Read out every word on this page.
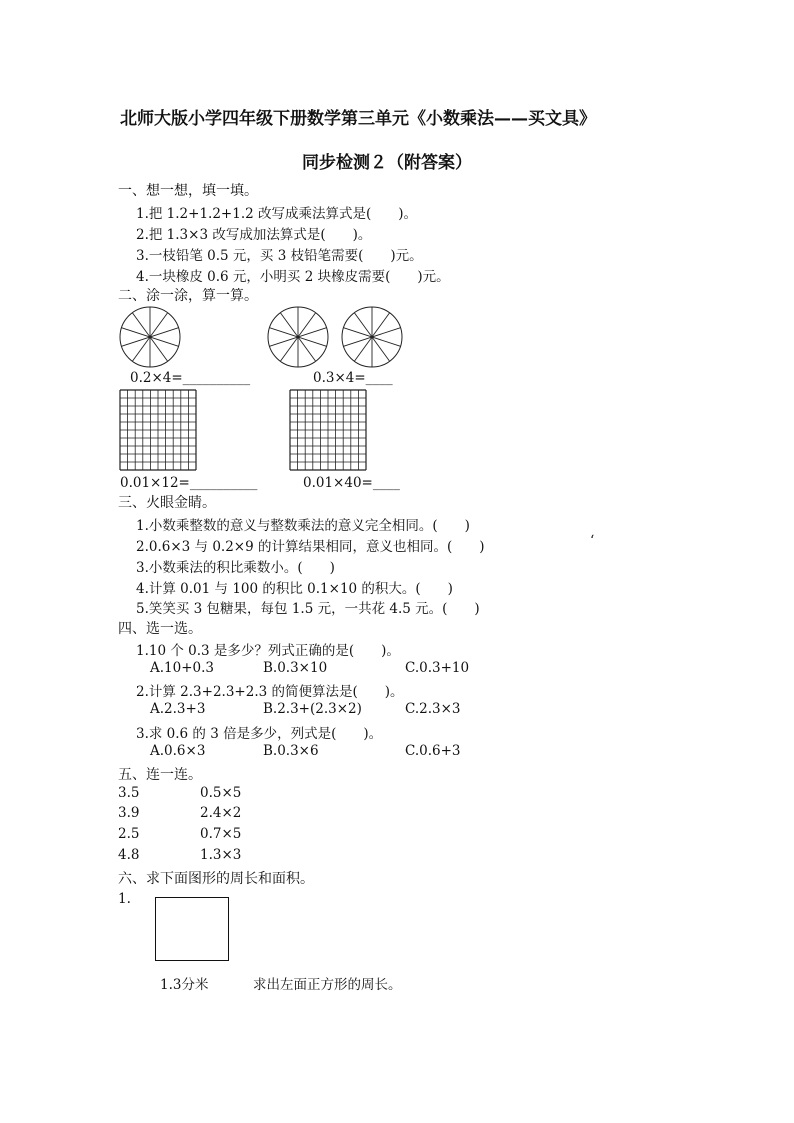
北师大版小学四年级下册数学第三单元《小数乘法——买文具》
同步检测２（附答案）
一、想一想，填一填。
1.把 1.2+1.2+1.2 改写成乘法算式是(　　)。
2.把 1.3×3 改写成加法算式是(　　)。
3.一枝铅笔 0.5 元，买 3 枝铅笔需要(　　)元。
4.一块橡皮 0.6 元，小明买 2 块橡皮需要(　　)元。
二、涂一涂，算一算。
0.2×4=__________	0.3×4=____
0.01×12=__________	0.01×40=____
三、火眼金睛。
1.小数乘整数的意义与整数乘法的意义完全相同。(　　)
2.0.6×3 与 0.2×9 的计算结果相同，意义也相同。(　　)	‘
3.小数乘法的积比乘数小。(　　)
4.计算 0.01 与 100 的积比 0.1×10 的积大。(　　)
5.笑笑买 3 包糖果，每包 1.5 元，一共花 4.5 元。(　　)
四、选一选。
1.10 个 0.3 是多少？列式正确的是(　　)。
A.10+0.3	B.0.3×10	C.0.3+10
2.计算 2.3+2.3+2.3 的简便算法是(　　)。
A.2.3+3	B.2.3+(2.3×2)	C.2.3×3
3.求 0.6 的 3 倍是多少，列式是(　　)。
A.0.6×3	B.0.3×6	C.0.6+3
五、连一连。
3.5	0.5×5
3.9	2.4×2
2.5	0.7×5
4.8	1.3×3
六、求下面图形的周长和面积。
1.
1.3分米	求出左面正方形的周长。
